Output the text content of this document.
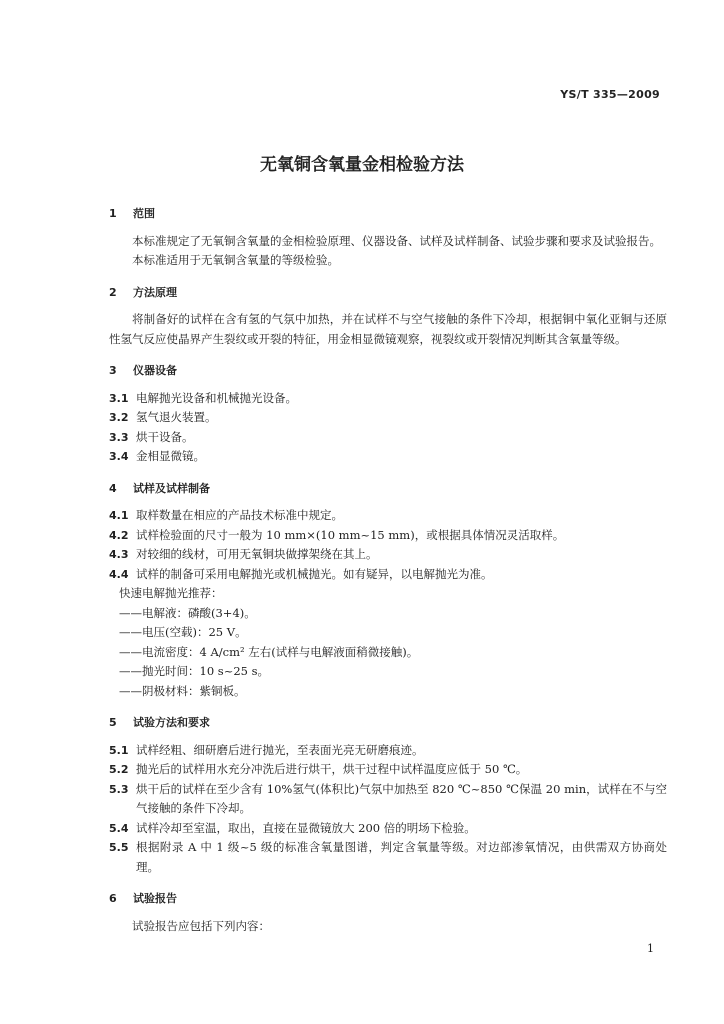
YS/T 335—2009
无氧铜含氧量金相检验方法
1 范围
本标准规定了无氧铜含氧量的金相检验原理、仪器设备、试样及试样制备、试验步骤和要求及试验报告。
本标准适用于无氧铜含氧量的等级检验。
2 方法原理
将制备好的试样在含有氢的气氛中加热，并在试样不与空气接触的条件下冷却，根据铜中氧化亚铜与还原性氢气反应使晶界产生裂纹或开裂的特征，用金相显微镜观察，视裂纹或开裂情况判断其含氧量等级。
3 仪器设备
3.1 电解抛光设备和机械抛光设备。
3.2 氢气退火装置。
3.3 烘干设备。
3.4 金相显微镜。
4 试样及试样制备
4.1 取样数量在相应的产品技术标准中规定。
4.2 试样检验面的尺寸一般为 10 mm×(10 mm~15 mm)，或根据具体情况灵活取样。
4.3 对较细的线材，可用无氧铜块做撑架绕在其上。
4.4 试样的制备可采用电解抛光或机械抛光。如有疑异，以电解抛光为准。
快速电解抛光推荐：
——电解液：磷酸(3+4)。
——电压(空载)：25 V。
——电流密度：4 A/cm² 左右(试样与电解液面稍微接触)。
——抛光时间：10 s~25 s。
——阴极材料：紫铜板。
5 试验方法和要求
5.1 试样经粗、细研磨后进行抛光，至表面光亮无研磨痕迹。
5.2 抛光后的试样用水充分冲洗后进行烘干，烘干过程中试样温度应低于 50 ℃。
5.3 烘干后的试样在至少含有 10%氢气(体积比)气氛中加热至 820 ℃~850 ℃保温 20 min，试样在不与空气接触的条件下冷却。
5.4 试样冷却至室温，取出，直接在显微镜放大 200 倍的明场下检验。
5.5 根据附录 A 中 1 级~5 级的标准含氧量图谱，判定含氧量等级。对边部渗氧情况，由供需双方协商处理。
6 试验报告
试验报告应包括下列内容：
1
